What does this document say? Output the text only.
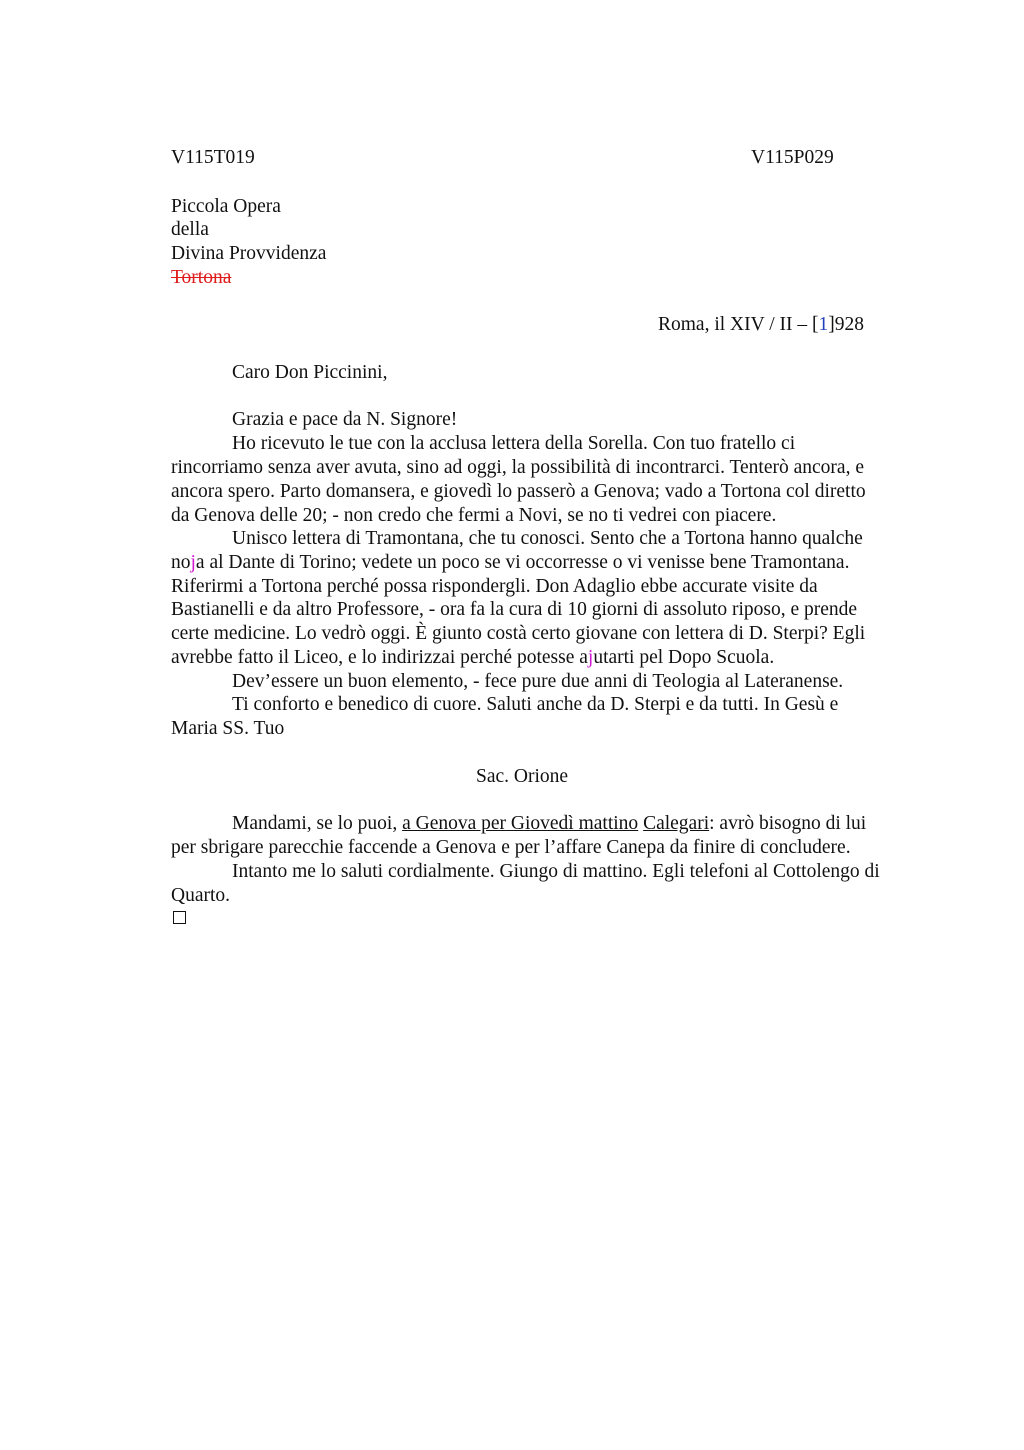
V115T019	V115P029
Piccola Opera
della
Divina Provvidenza
Tortona
Roma, il XIV / II – [1]928
Caro Don Piccinini,
Grazia e pace da N. Signore!
Ho ricevuto le tue con la acclusa lettera della Sorella. Con tuo fratello ci
rincorriamo senza aver avuta, sino ad oggi, la possibilità di incontrarci. Tenterò ancora, e
ancora spero. Parto domansera, e giovedì lo passerò a Genova; vado a Tortona col diretto
da Genova delle 20; - non credo che fermi a Novi, se no ti vedrei con piacere.
Unisco lettera di Tramontana, che tu conosci. Sento che a Tortona hanno qualche
noja al Dante di Torino; vedete un poco se vi occorresse o vi venisse bene Tramontana.
Riferirmi a Tortona perché possa rispondergli. Don Adaglio ebbe accurate visite da
Bastianelli e da altro Professore, - ora fa la cura di 10 giorni di assoluto riposo, e prende
certe medicine. Lo vedrò oggi. È giunto costà certo giovane con lettera di D. Sterpi? Egli
avrebbe fatto il Liceo, e lo indirizzai perché potesse ajutarti pel Dopo Scuola.
Dev’essere un buon elemento, - fece pure due anni di Teologia al Lateranense.
Ti conforto e benedico di cuore. Saluti anche da D. Sterpi e da tutti. In Gesù e
Maria SS. Tuo
Sac. Orione
Mandami, se lo puoi, a Genova per Giovedì mattino Calegari: avrò bisogno di lui
per sbrigare parecchie faccende a Genova e per l’affare Canepa da finire di concludere.
Intanto me lo saluti cordialmente. Giungo di mattino. Egli telefoni al Cottolengo di
Quarto.
